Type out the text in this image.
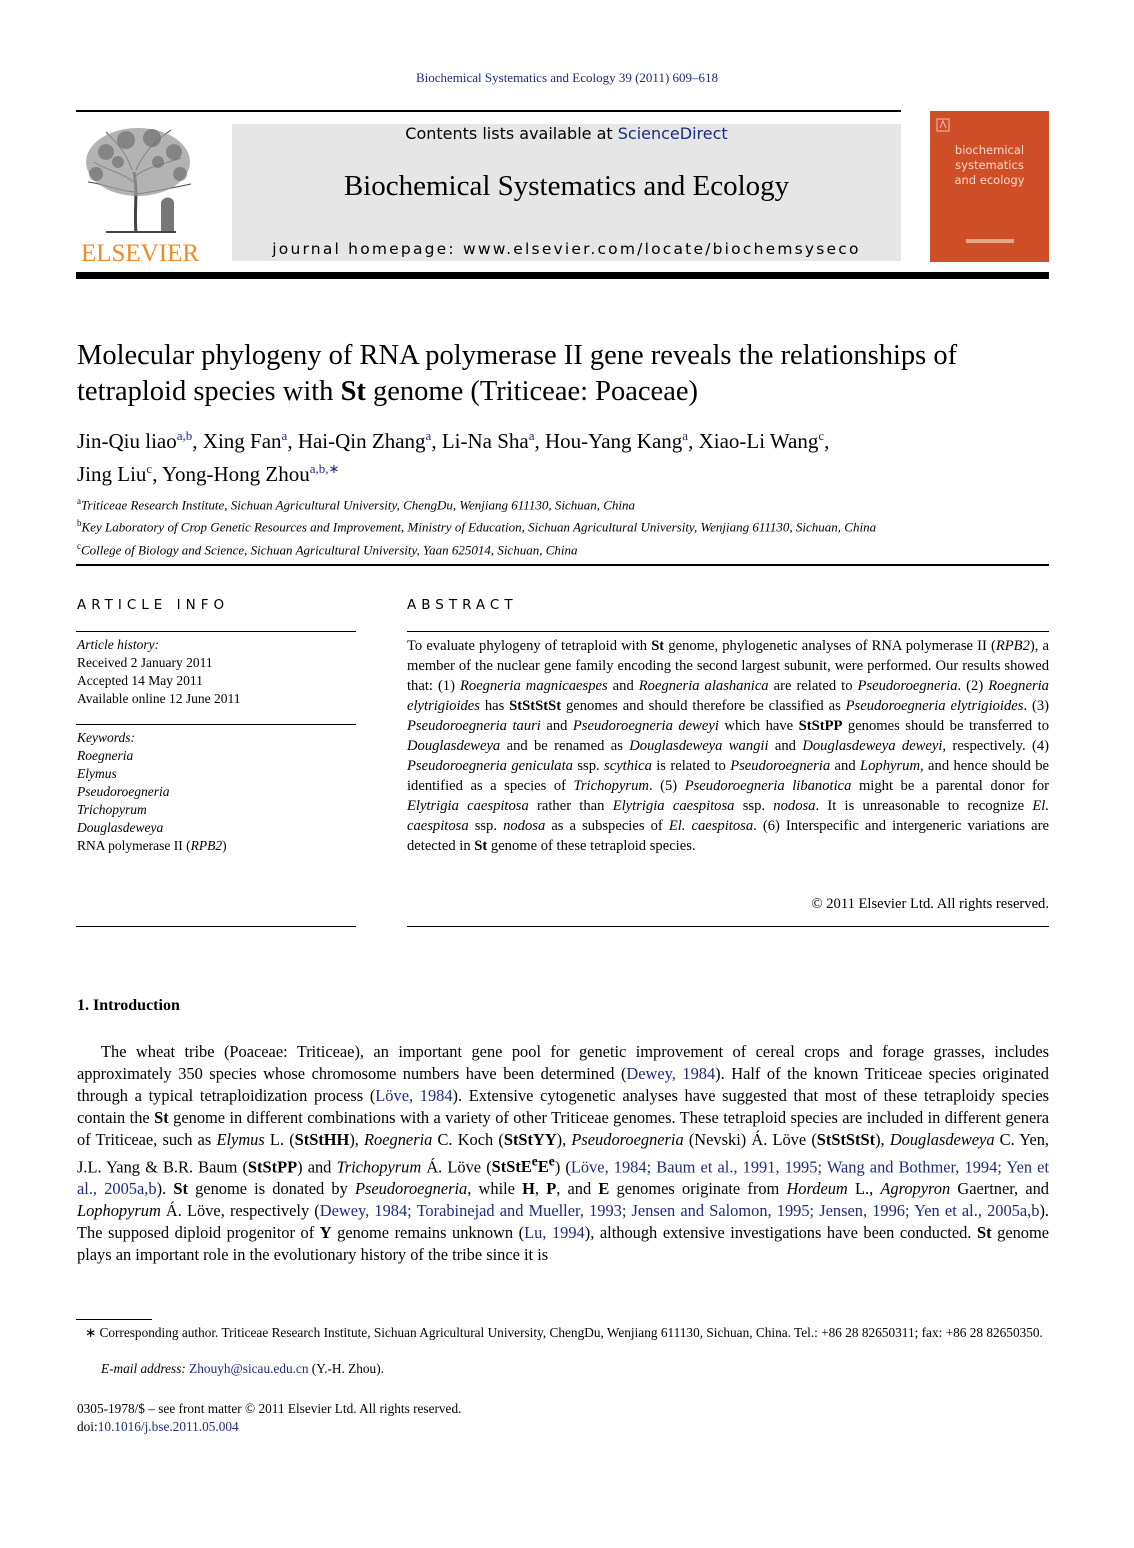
Biochemical Systematics and Ecology 39 (2011) 609–618
ELSEVIER
Contents lists available at ScienceDirect
Biochemical Systematics and Ecology
journal homepage: www.elsevier.com/locate/biochemsyseco
biochemical
systematics
and ecology
Molecular phylogeny of RNA polymerase II gene reveals the relationships of tetraploid species with St genome (Triticeae: Poaceae)
Jin-Qiu liao$^{a,b}$, Xing Fan$^a$, Hai-Qin Zhang$^a$, Li-Na Sha$^a$, Hou-Yang Kang$^a$, Xiao-Li Wang$^c$,
Jing Liu$^c$, Yong-Hong Zhou$^{a,b,∗}$
$^a$Triticeae Research Institute, Sichuan Agricultural University, ChengDu, Wenjiang 611130, Sichuan, China
$^b$Key Laboratory of Crop Genetic Resources and Improvement, Ministry of Education, Sichuan Agricultural University, Wenjiang 611130, Sichuan, China
$^c$College of Biology and Science, Sichuan Agricultural University, Yaan 625014, Sichuan, China
ARTICLE INFO
Article history:
Received 2 January 2011
Accepted 14 May 2011
Available online 12 June 2011
Keywords:
Roegneria
Elymus
Pseudoroegneria
Trichopyrum
Douglasdeweya
RNA polymerase II (RPB2)
ABSTRACT
To evaluate phylogeny of tetraploid with St genome, phylogenetic analyses of RNA polymerase II (RPB2), a member of the nuclear gene family encoding the second largest subunit, were performed. Our results showed that: (1) Roegneria magnicaespes and Roegneria alashanica are related to Pseudoroegneria. (2) Roegneria elytrigioides has StStStSt genomes and should therefore be classified as Pseudoroegneria elytrigioides. (3) Pseudoroegneria tauri and Pseudoroegneria deweyi which have StStPP genomes should be transferred to Douglasdeweya and be renamed as Douglasdeweya wangii and Douglasdeweya deweyi, respectively. (4) Pseudoroegneria geniculata ssp. scythica is related to Pseudoroegneria and Lophyrum, and hence should be identified as a species of Trichopyrum. (5) Pseudoroegneria libanotica might be a parental donor for Elytrigia caespitosa rather than Elytrigia caespitosa ssp. nodosa. It is unreasonable to recognize El. caespitosa ssp. nodosa as a subspecies of El. caespitosa. (6) Interspecific and intergeneric variations are detected in St genome of these tetraploid species.
© 2011 Elsevier Ltd. All rights reserved.
1. Introduction
The wheat tribe (Poaceae: Triticeae), an important gene pool for genetic improvement of cereal crops and forage grasses, includes approximately 350 species whose chromosome numbers have been determined (Dewey, 1984). Half of the known Triticeae species originated through a typical tetraploidization process (Löve, 1984). Extensive cytogenetic analyses have suggested that most of these tetraploidy species contain the St genome in different combinations with a variety of other Triticeae genomes. These tetraploid species are included in different genera of Triticeae, such as Elymus L. (StStHH), Roegneria C. Koch (StStYY), Pseudoroegneria (Nevski) Á. Löve (StStStSt), Douglasdeweya C. Yen, J.L. Yang & B.R. Baum (StStPP) and Trichopyrum Á. Löve $(StStE^eE^e)$ (Löve, 1984; Baum et al., 1991, 1995; Wang and Bothmer, 1994; Yen et al., 2005a,b). St genome is donated by Pseudoroegneria, while H, P, and E genomes originate from Hordeum L., Agropyron Gaertner, and Lophopyrum Á. Löve, respectively (Dewey, 1984; Torabinejad and Mueller, 1993; Jensen and Salomon, 1995; Jensen, 1996; Yen et al., 2005a,b). The supposed diploid progenitor of Y genome remains unknown (Lu, 1994), although extensive investigations have been conducted. St genome plays an important role in the evolutionary history of the tribe since it is
∗ Corresponding author. Triticeae Research Institute, Sichuan Agricultural University, ChengDu, Wenjiang 611130, Sichuan, China. Tel.: +86 28 82650311; fax: +86 28 82650350.
E-mail address: Zhouyh@sicau.edu.cn (Y.-H. Zhou).
0305-1978/$ – see front matter © 2011 Elsevier Ltd. All rights reserved.
doi:10.1016/j.bse.2011.05.004
